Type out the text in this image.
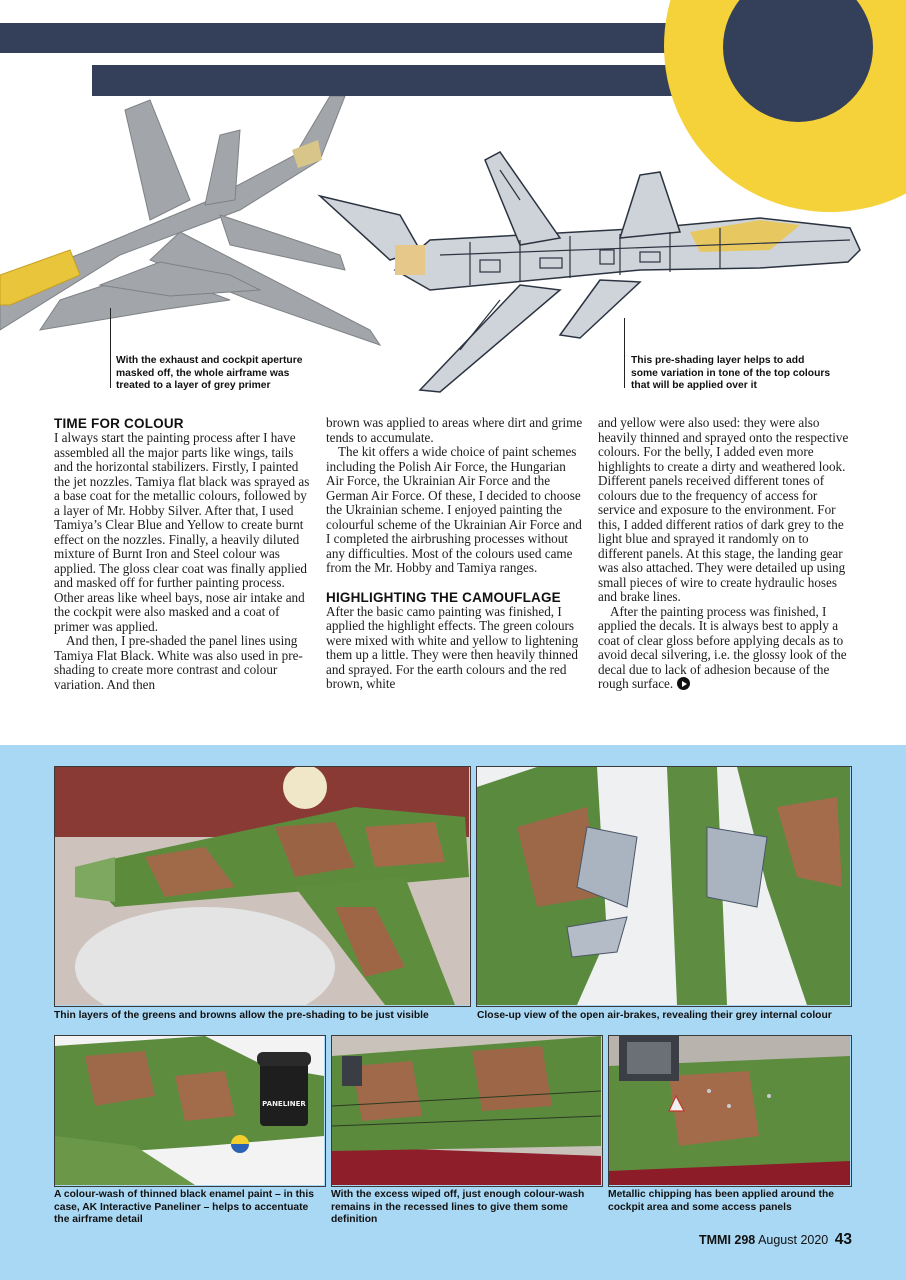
With the exhaust and cockpit aperture masked off, the whole airframe was treated to a layer of grey primer
This pre-shading layer helps to add some variation in tone of the top colours that will be applied over it
TIME FOR COLOUR

I always start the painting process after I have assembled all the major parts like wings, tails and the horizontal stabilizers. Firstly, I painted the jet nozzles. Tamiya flat black was sprayed as a base coat for the metallic colours, followed by a layer of Mr. Hobby Silver. After that, I used Tamiya’s Clear Blue and Yellow to create burnt effect on the nozzles. Finally, a heavily diluted mixture of Burnt Iron and Steel colour was applied. The gloss clear coat was finally applied and masked off for further painting process. Other areas like wheel bays, nose air intake and the cockpit were also masked and a coat of primer was applied.

And then, I pre-shaded the panel lines using Tamiya Flat Black. White was also used in pre-shading to create more contrast and colour variation. And then

brown was applied to areas where dirt and grime tends to accumulate.

The kit offers a wide choice of paint schemes including the Polish Air Force, the Hungarian Air Force, the Ukrainian Air Force and the German Air Force. Of these, I decided to choose the Ukrainian scheme. I enjoyed painting the colourful scheme of the Ukrainian Air Force and I completed the airbrushing processes without any difficulties. Most of the colours used came from the Mr. Hobby and Tamiya ranges.

HIGHLIGHTING THE CAMOUFLAGE

After the basic camo painting was finished, I applied the highlight effects. The green colours were mixed with white and yellow to lightening them up a little. They were then heavily thinned and sprayed. For the earth colours and the red brown, white

and yellow were also used: they were also heavily thinned and sprayed onto the respective colours. For the belly, I added even more highlights to create a dirty and weathered look. Different panels received different tones of colours due to the frequency of access for service and exposure to the environment. For this, I added different ratios of dark grey to the light blue and sprayed it randomly on to different panels. At this stage, the landing gear was also attached. They were detailed up using small pieces of wire to create hydraulic hoses and brake lines.

After the painting process was finished, I applied the decals. It is always best to apply a coat of clear gloss before applying decals as to avoid decal silvering, i.e. the glossy look of the decal due to lack of adhesion because of the rough surface.

Thin layers of the greens and browns allow the pre-shading to be just visible	Close-up view of the open air-brakes, revealing their grey internal colour
PANELINER
A colour-wash of thinned black enamel paint – in this case, AK Interactive Paneliner – helps to accentuate the airframe detail
With the excess wiped off, just enough colour-wash remains in the recessed lines to give them some definition
Metallic chipping has been applied around the cockpit area and some access panels
TMMI 298 August 2020 43
